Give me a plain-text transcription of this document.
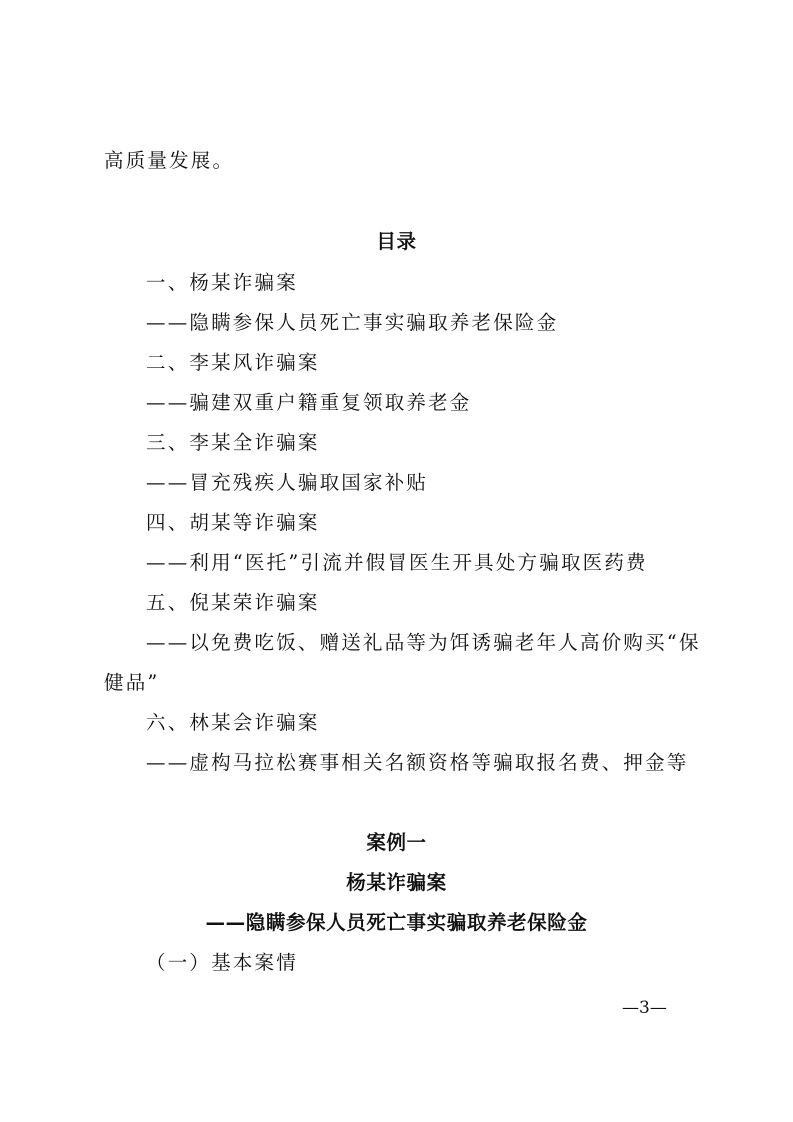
高质量发展。
目录
一、杨某诈骗案
——隐瞒参保人员死亡事实骗取养老保险金
二、李某风诈骗案
——骗建双重户籍重复领取养老金
三、李某全诈骗案
——冒充残疾人骗取国家补贴
四、胡某等诈骗案
——利用“医托”引流并假冒医生开具处方骗取医药费
五、倪某荣诈骗案
——以免费吃饭、赠送礼品等为饵诱骗老年人高价购买“保
健品”
六、林某会诈骗案
——虚构马拉松赛事相关名额资格等骗取报名费、押金等
案例一
杨某诈骗案
——隐瞒参保人员死亡事实骗取养老保险金
（一）基本案情
—3—
